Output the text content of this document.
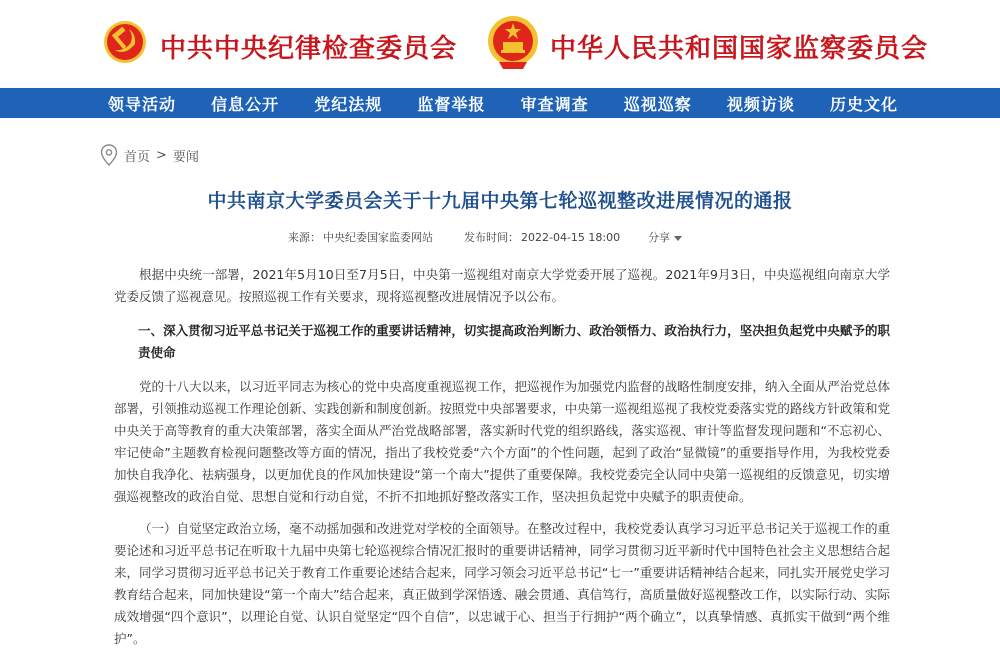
中共中央纪律检查委员会	中华人民共和国国家监察委员会
领导活动 信息公开 党纪法规 监督举报 审查调查 巡视巡察 视频访谈 历史文化
首页 > 要闻
中共南京大学委员会关于十九届中央第七轮巡视整改进展情况的通报
来源： 中央纪委国家监委网站	发布时间： 2022-04-15 18:00	分享

根据中央统一部署，2021年5月10日至7月5日，中央第一巡视组对南京大学党委开展了巡视。2021年9月3日，中央巡视组向南京大学党委反馈了巡视意见。按照巡视工作有关要求，现将巡视整改进展情况予以公布。

一、深入贯彻习近平总书记关于巡视工作的重要讲话精神，切实提高政治判断力、政治领悟力、政治执行力，坚决担负起党中央赋予的职责使命

党的十八大以来，以习近平同志为核心的党中央高度重视巡视工作，把巡视作为加强党内监督的战略性制度安排，纳入全面从严治党总体部署，引领推动巡视工作理论创新、实践创新和制度创新。按照党中央部署要求，中央第一巡视组巡视了我校党委落实党的路线方针政策和党中央关于高等教育的重大决策部署，落实全面从严治党战略部署，落实新时代党的组织路线，落实巡视、审计等监督发现问题和“不忘初心、牢记使命”主题教育检视问题整改等方面的情况，指出了我校党委“六个方面”的个性问题，起到了政治“显微镜”的重要指导作用，为我校党委加快自我净化、祛病强身，以更加优良的作风加快建设“第一个南大”提供了重要保障。我校党委完全认同中央第一巡视组的反馈意见，切实增强巡视整改的政治自觉、思想自觉和行动自觉，不折不扣地抓好整改落实工作，坚决担负起党中央赋予的职责使命。

（一）自觉坚定政治立场，毫不动摇加强和改进党对学校的全面领导。在整改过程中，我校党委认真学习习近平总书记关于巡视工作的重要论述和习近平总书记在听取十九届中央第七轮巡视综合情况汇报时的重要讲话精神，同学习贯彻习近平新时代中国特色社会主义思想结合起来，同学习贯彻习近平总书记关于教育工作重要论述结合起来，同学习领会习近平总书记“七一”重要讲话精神结合起来，同扎实开展党史学习教育结合起来，同加快建设“第一个南大”结合起来，真正做到学深悟透、融会贯通、真信笃行，高质量做好巡视整改工作，以实际行动、实际成效增强“四个意识”，以理论自觉、认识自觉坚定“四个自信”，以忠诚于心、担当于行拥护“两个确立”，以真挚情感、真抓实干做到“两个维护”。
